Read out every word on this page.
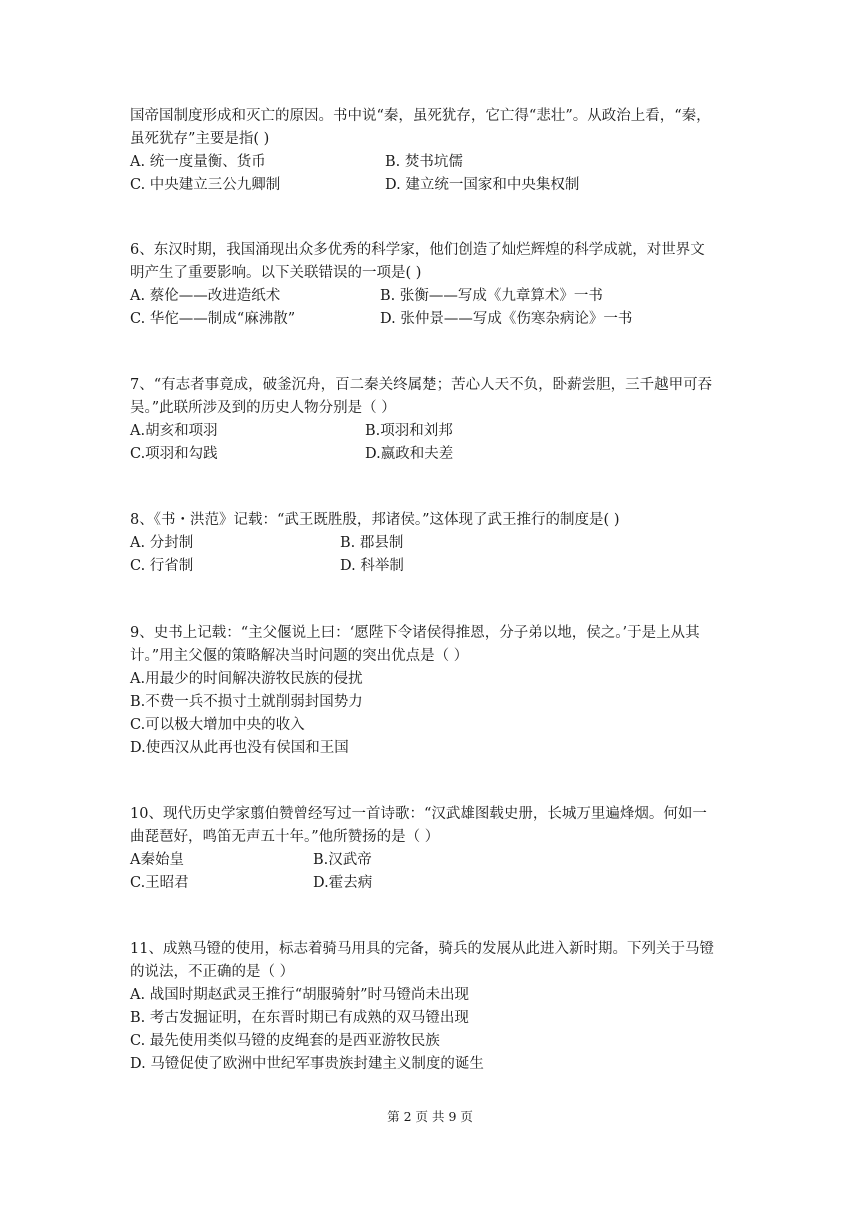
国帝国制度形成和灭亡的原因。书中说“秦，虽死犹存，它亡得“悲壮”。从政治上看，“秦，
虽死犹存”主要是指( )
A. 统一度量衡、货币	B. 焚书坑儒
C. 中央建立三公九卿制	D. 建立统一国家和中央集权制
6、东汉时期，我国涌现出众多优秀的科学家，他们创造了灿烂辉煌的科学成就，对世界文
明产生了重要影响。以下关联错误的一项是( )
A. 蔡伦——改进造纸术	B. 张衡——写成《九章算术》一书
C. 华佗——制成“麻沸散”	D. 张仲景——写成《伤寒杂病论》一书
7、“有志者事竟成，破釜沉舟，百二秦关终属楚；苦心人天不负，卧薪尝胆，三千越甲可吞
吴。”此联所涉及到的历史人物分别是（ ）
A.胡亥和项羽	B.项羽和刘邦
C.项羽和勾践	D.嬴政和夫差
8、《书・洪范》记载：“武王既胜殷，邦诸侯。”这体现了武王推行的制度是( )
A. 分封制	B. 郡县制
C. 行省制	D. 科举制
9、史书上记载：“主父偃说上曰：‘愿陛下令诸侯得推恩，分子弟以地，侯之。’于是上从其
计。”用主父偃的策略解决当时问题的突出优点是（ ）
A.用最少的时间解决游牧民族的侵扰
B.不费一兵不损寸土就削弱封国势力
C.可以极大增加中央的收入
D.使西汉从此再也没有侯国和王国
10、现代历史学家翦伯赞曾经写过一首诗歌：“汉武雄图载史册，长城万里遍烽烟。何如一
曲琵琶好，鸣笛无声五十年。”他所赞扬的是（ ）
A秦始皇	B.汉武帝
C.王昭君	D.霍去病
11、成熟马镫的使用，标志着骑马用具的完备，骑兵的发展从此进入新时期。下列关于马镫
的说法，不正确的是（ ）
A. 战国时期赵武灵王推行“胡服骑射”时马镫尚未出现
B. 考古发掘证明，在东晋时期已有成熟的双马镫出现
C. 最先使用类似马镫的皮绳套的是西亚游牧民族
D. 马镫促使了欧洲中世纪军事贵族封建主义制度的诞生
第 2 页 共 9 页
